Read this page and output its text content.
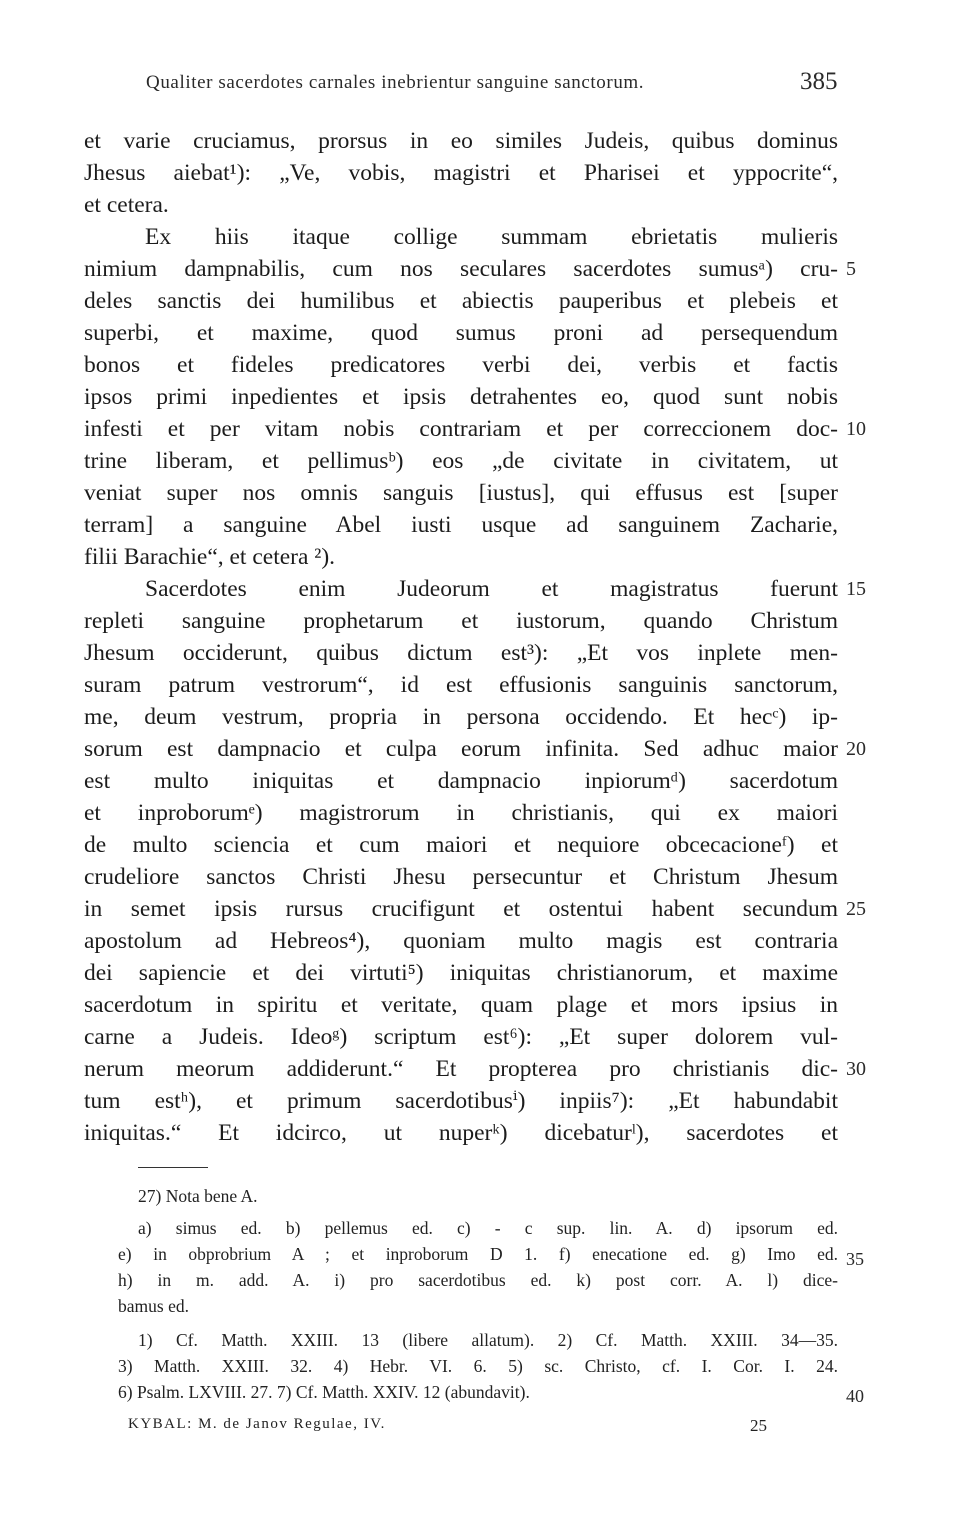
Qualiter sacerdotes carnales inebrientur sanguine sanctorum.	385
et varie cruciamus, prorsus in eo similes Judeis, quibus dominus
Jhesus aiebat¹): „Ve, vobis, magistri et Pharisei et yppocrite“,
et cetera.
Ex hiis itaque collige summam ebrietatis mulieris
nimium dampnabilis, cum nos seculares sacerdotes sumusᵃ) cru-
deles sanctis dei humilibus et abiectis pauperibus et plebeis et
superbi, et maxime, quod sumus proni ad persequendum
bonos et fideles predicatores verbi dei, verbis et factis
ipsos primi inpedientes et ipsis detrahentes eo, quod sunt nobis
infesti et per vitam nobis contrariam et per correccionem doc-
trine liberam, et pellimusᵇ) eos „de civitate in civitatem, ut
veniat super nos omnis sanguis [iustus], qui effusus est [super
terram] a sanguine Abel iusti usque ad sanguinem Zacharie,
filii Barachie“, et cetera ²).
Sacerdotes enim Judeorum et magistratus fuerunt
repleti sanguine prophetarum et iustorum, quando Christum
Jhesum occiderunt, quibus dictum est³): „Et vos inplete men-
suram patrum vestrorum“, id est effusionis sanguinis sanctorum,
me, deum vestrum, propria in persona occidendo. Et hecᶜ) ip-
sorum est dampnacio et culpa eorum infinita. Sed adhuc maior
est multo iniquitas et dampnacio inpiorumᵈ) sacerdotum
et inproborumᵉ) magistrorum in christianis, qui ex maiori
de multo sciencia et cum maiori et nequiore obcecacioneᶠ) et
crudeliore sanctos Christi Jhesu persecuntur et Christum Jhesum
in semet ipsis rursus crucifigunt et ostentui habent secundum
apostolum ad Hebreos⁴), quoniam multo magis est contraria
dei sapiencie et dei virtuti⁵) iniquitas christianorum, et maxime
sacerdotum in spiritu et veritate, quam plage et mors ipsius in
carne a Judeis. Ideoᵍ) scriptum est⁶): „Et super dolorem vul-
nerum meorum addiderunt.“ Et propterea pro christianis dic-
tum estʰ), et primum sacerdotibusⁱ) inpiis⁷): „Et habundabit
iniquitas.“ Et idcirco, ut nuperᵏ) dicebaturˡ), sacerdotes et
5
10
15
20
25
30
27) Nota bene A.
a) simus ed. b) pellemus ed. c) - c sup. lin. A. d) ipsorum ed.
e) in obprobrium A ; et inproborum D 1. f) enecatione ed. g) Imo ed.
h) in m. add. A. i) pro sacerdotibus ed. k) post corr. A. l) dice-
bamus ed.
1) Cf. Matth. XXIII. 13 (libere allatum). 2) Cf. Matth. XXIII. 34—35.
3) Matth. XXIII. 32. 4) Hebr. VI. 6. 5) sc. Christo, cf. I. Cor. I. 24.
6) Psalm. LXVIII. 27. 7) Cf. Matth. XXIV. 12 (abundavit).
35
40
KYBAL: M. de Janov Regulae, IV.	25
